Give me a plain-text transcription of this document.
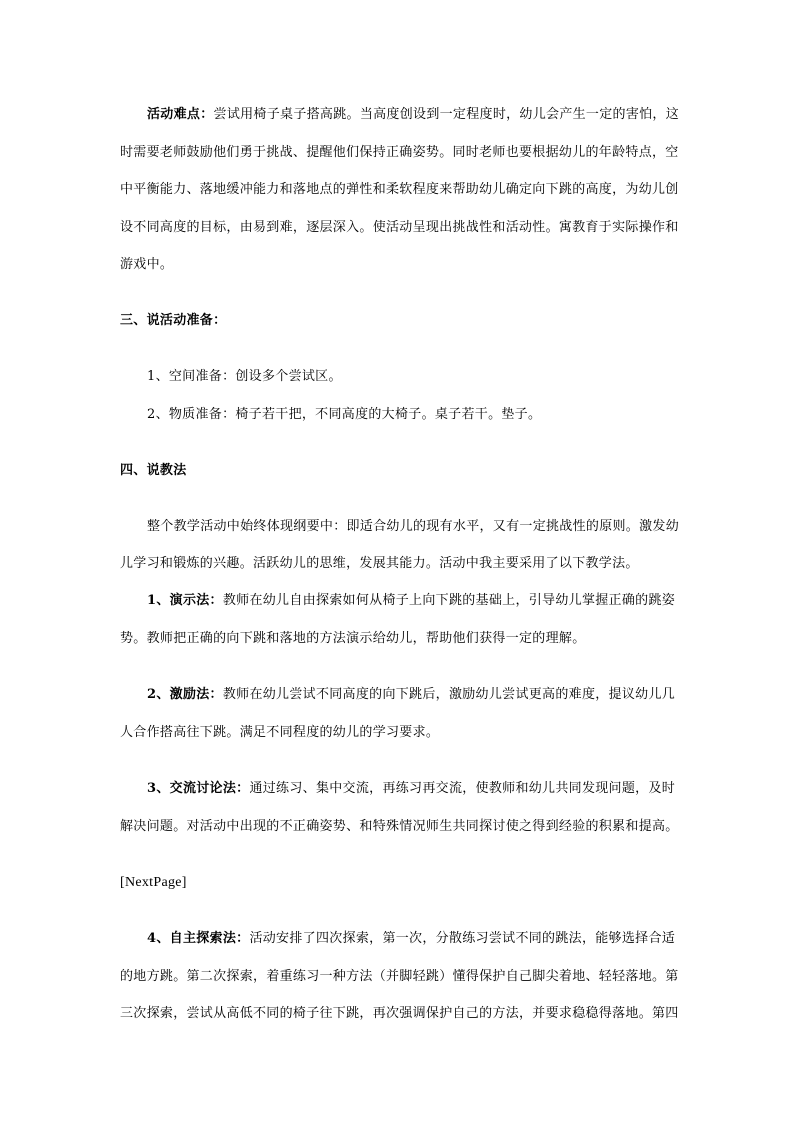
活动难点：尝试用椅子桌子搭高跳。当高度创设到一定程度时，幼儿会产生一定的害怕，这
时需要老师鼓励他们勇于挑战、提醒他们保持正确姿势。同时老师也要根据幼儿的年龄特点，空
中平衡能力、落地缓冲能力和落地点的弹性和柔软程度来帮助幼儿确定向下跳的高度，为幼儿创
设不同高度的目标，由易到难，逐层深入。使活动呈现出挑战性和活动性。寓教育于实际操作和
游戏中。
三、说活动准备：
1、空间准备：创设多个尝试区。
2、物质准备：椅子若干把，不同高度的大椅子。桌子若干。垫子。
四、说教法
整个教学活动中始终体现纲要中：即适合幼儿的现有水平，又有一定挑战性的原则。激发幼
儿学习和锻炼的兴趣。活跃幼儿的思维，发展其能力。活动中我主要采用了以下教学法。
1、演示法：教师在幼儿自由探索如何从椅子上向下跳的基础上，引导幼儿掌握正确的跳姿
势。教师把正确的向下跳和落地的方法演示给幼儿，帮助他们获得一定的理解。
2、激励法：教师在幼儿尝试不同高度的向下跳后，激励幼儿尝试更高的难度，提议幼儿几
人合作搭高往下跳。满足不同程度的幼儿的学习要求。
3、交流讨论法：通过练习、集中交流，再练习再交流，使教师和幼儿共同发现问题，及时
解决问题。对活动中出现的不正确姿势、和特殊情况师生共同探讨使之得到经验的积累和提高。
[NextPage]
4、自主探索法：活动安排了四次探索，第一次，分散练习尝试不同的跳法，能够选择合适
的地方跳。第二次探索，着重练习一种方法（并脚轻跳）懂得保护自己脚尖着地、轻轻落地。第
三次探索，尝试从高低不同的椅子往下跳，再次强调保护自己的方法，并要求稳稳得落地。第四
